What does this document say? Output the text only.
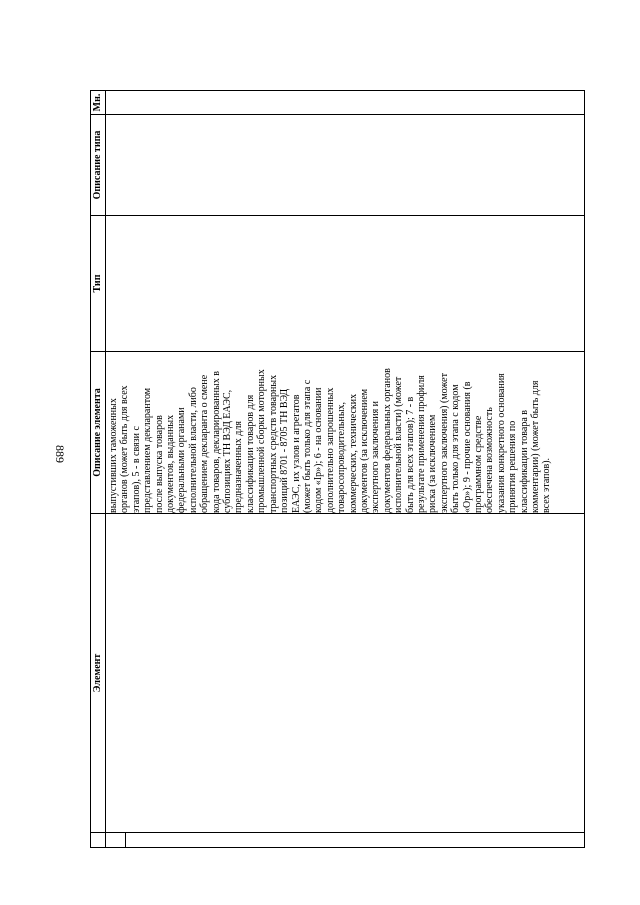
889
Элемент
Описание элемента
Тип
Описание типа
Мн.
выпустивших таможенных
органов (может быть для всех
этапов), 5 - в связи с
представлением декларантом
после выпуска товаров
документов, выданных
федеральными органами
исполнительной власти, либо
обращением декларанта о смене
кода товаров, декларированных в
субпозициях ТН ВЭД ЕАЭС,
предназначенных для
классификации товаров для
промышленной сборки моторных
транспортных средств товарных
позиций 8701 - 8705 ТН ВЭД
ЕАЭС, их узлов и агрегатов
(может быть только для этапа с
кодом «Ip»); 6 - на основании
дополнительно запрошенных
товаросопроводительных,
коммерческих, технических
документов (за исключением
экспертного заключения и
документов федеральных органов
исполнительной власти) (может
быть для всех этапов); 7 - в
результате применения профиля
риска (за исключением
экспертного заключения) (может
быть только для этапа с кодом
«Ор»); 9 - прочие основания (в
программном средстве
обеспечена возможность
указания конкретного основания
принятия решения по
классификации товара в
комментарии) (может быть для
всех этапов).
